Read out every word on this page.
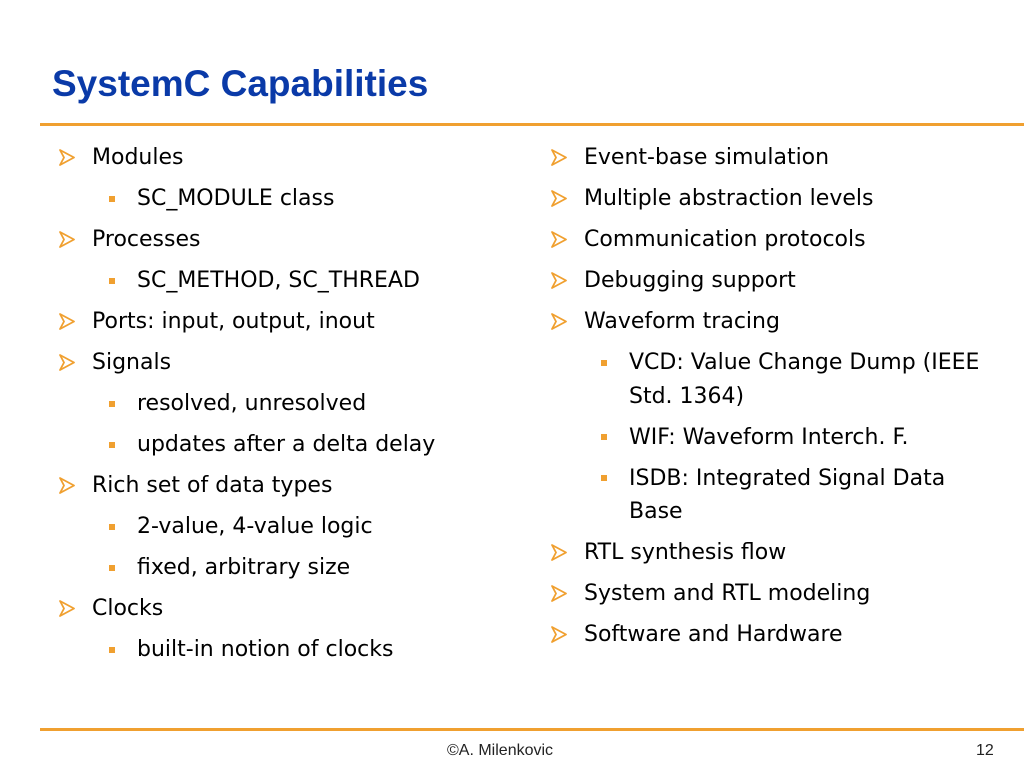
SystemC Capabilities
Modules
SC_MODULE class
Processes
SC_METHOD, SC_THREAD
Ports: input, output, inout
Signals
resolved, unresolved
updates after a delta delay
Rich set of data types
2-value, 4-value logic
fixed, arbitrary size
Clocks
built-in notion of clocks
Event-base simulation
Multiple abstraction levels
Communication protocols
Debugging support
Waveform tracing
VCD: Value Change Dump (IEEE Std. 1364)
WIF: Waveform Interch. F.
ISDB: Integrated Signal Data Base
RTL synthesis flow
System and RTL modeling
Software and Hardware
©A. Milenkovic	12
